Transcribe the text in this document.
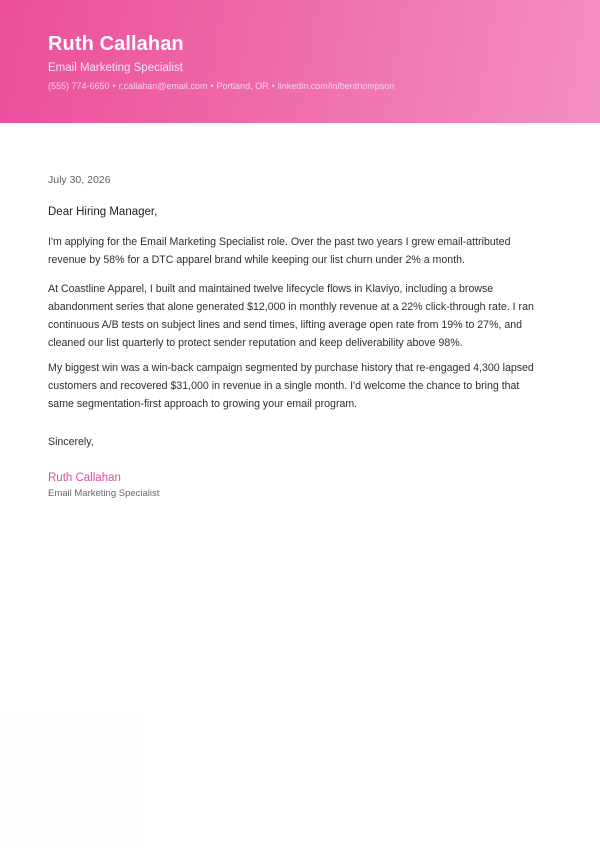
Ruth Callahan
Email Marketing Specialist
(555) 774-6650 • r.callahan@email.com • Portland, OR • linkedin.com/in/benthompson
July 30, 2026
Dear Hiring Manager,

I'm applying for the Email Marketing Specialist role. Over the past two years I grew email-attributed revenue by 58% for a DTC apparel brand while keeping our list churn under 2% a month.

At Coastline Apparel, I built and maintained twelve lifecycle flows in Klaviyo, including a browse abandonment series that alone generated $12,000 in monthly revenue at a 22% click-through rate. I ran continuous A/B tests on subject lines and send times, lifting average open rate from 19% to 27%, and cleaned our list quarterly to protect sender reputation and keep deliverability above 98%.

My biggest win was a win-back campaign segmented by purchase history that re-engaged 4,300 lapsed customers and recovered $31,000 in revenue in a single month. I'd welcome the chance to bring that same segmentation-first approach to growing your email program.

Sincerely,
Ruth Callahan
Email Marketing Specialist
